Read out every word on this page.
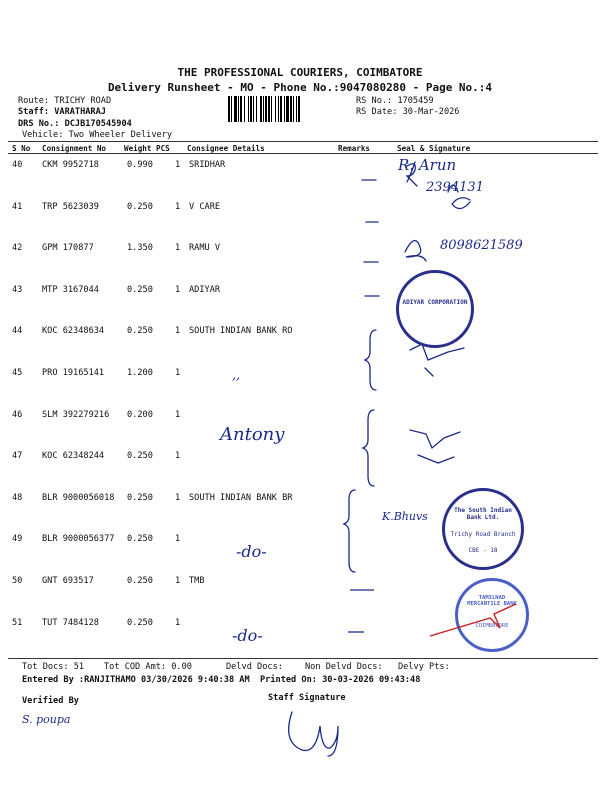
THE PROFESSIONAL COURIERS, COIMBATORE
Delivery Runsheet - MO - Phone No.:9047080280 - Page No.:4
Route: TRICHY ROAD
Staff: VARATHARAJ
DRS No.: DCJB170545904
Vehicle: Two Wheeler Delivery
RS No.: 1705459
RS Date: 30-Mar-2026
S No Consignment No Weight PCS Consignee Details	Remarks	Seal & Signature
40 CKM 9952718	0.990	1 SRIDHAR
41 TRP 5623039	0.250	1 V CARE
42 GPM 170877	1.350	1 RAMU V
43 MTP 3167044	0.250	1 ADIYAR
44 KOC 62348634	0.250	1 SOUTH INDIAN BANK RO
45 PRO 19165141	1.200	1
46 SLM 392279216 0.200	1
47 KOC 62348244	0.250	1
48 BLR 9000056018 0.250	1 SOUTH INDIAN BANK BR
49 BLR 9000056377 0.250	1
50 GNT 693517	0.250	1 TMB
51 TUT 7484128	0.250	1
R. Arun
2394131
8098621589
,,
Antony
K.Bhuvs
-do-
-do-
ADIYAR CORPORATION
The South Indian Bank Ltd.
Trichy Road Branch
CBE - 18
TAMILNAD MERCANTILE BANK
COIMBATORE
Tot Docs: 51 Tot COD Amt: 0.00	Delvd Docs:	Non Delvd Docs: Delvy Pts:
Entered By :RANJITHAMO 03/30/2026 9:40:38 AM Printed On: 30-03-2026 09:43:48
Staff Signature
Verified By
S. poupa
